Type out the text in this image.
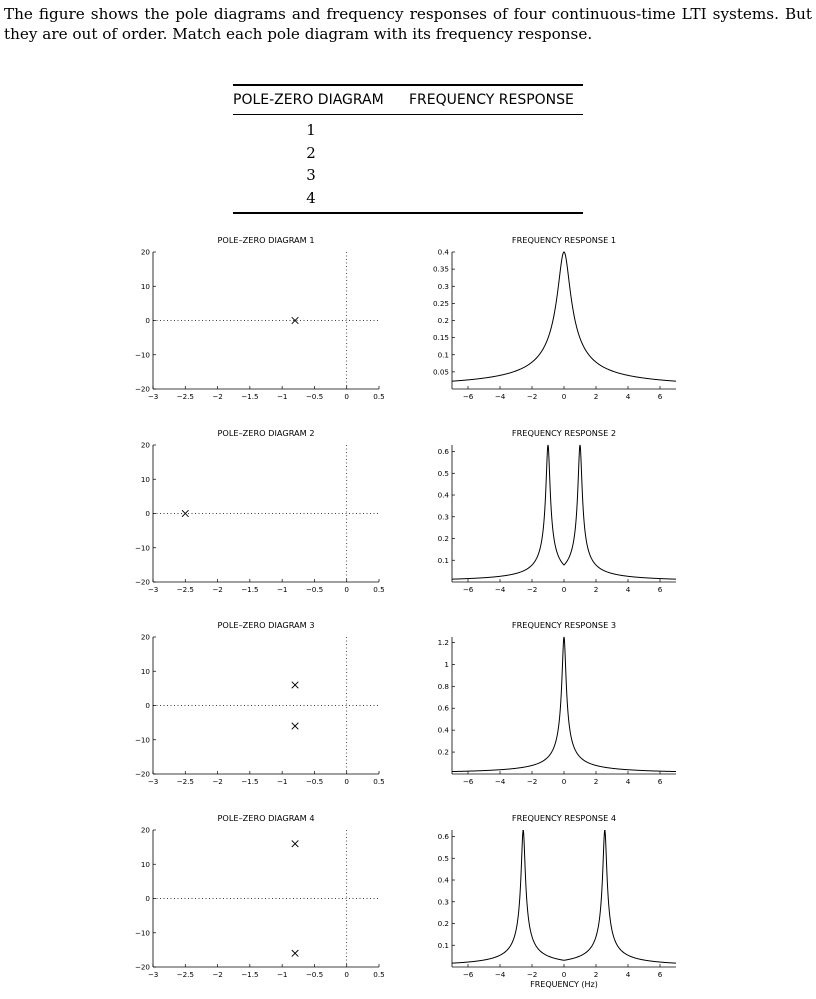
The figure shows the pole diagrams and frequency responses of four continuous-time LTI systems. But they are out of order. Match each pole diagram with its frequency response.

POLE-ZERO DIAGRAM	FREQUENCY RESPONSE
1
2
3
4
POLE–ZERO DIAGRAM 1
−3	−2.5	−2	−1.5	−1	−0.5	0	0.5
−20
−10
0
10
20
FREQUENCY RESPONSE 1
−6	−4	−2	0	2	4	6
0.05
0.1
0.15
0.2
0.25
0.3
0.35
0.4
POLE–ZERO DIAGRAM 2
−3	−2.5	−2	−1.5	−1	−0.5	0	0.5
−20
−10
0
10
20
FREQUENCY RESPONSE 2
−6	−4	−2	0	2	4	6
0.1
0.2
0.3
0.4
0.5
0.6
POLE–ZERO DIAGRAM 3
−3	−2.5	−2	−1.5	−1	−0.5	0	0.5
−20
−10
0
10
20
FREQUENCY RESPONSE 3
−6	−4	−2	0	2	4	6
0.2
0.4
0.6
0.8
1
1.2
POLE–ZERO DIAGRAM 4
−3	−2.5	−2	−1.5	−1	−0.5	0	0.5
−20
−10
0
10
20
FREQUENCY RESPONSE 4
−6	−4	−2	0	2	4	6
0.1
0.2
0.3
0.4
0.5
0.6
FREQUENCY (Hz)
